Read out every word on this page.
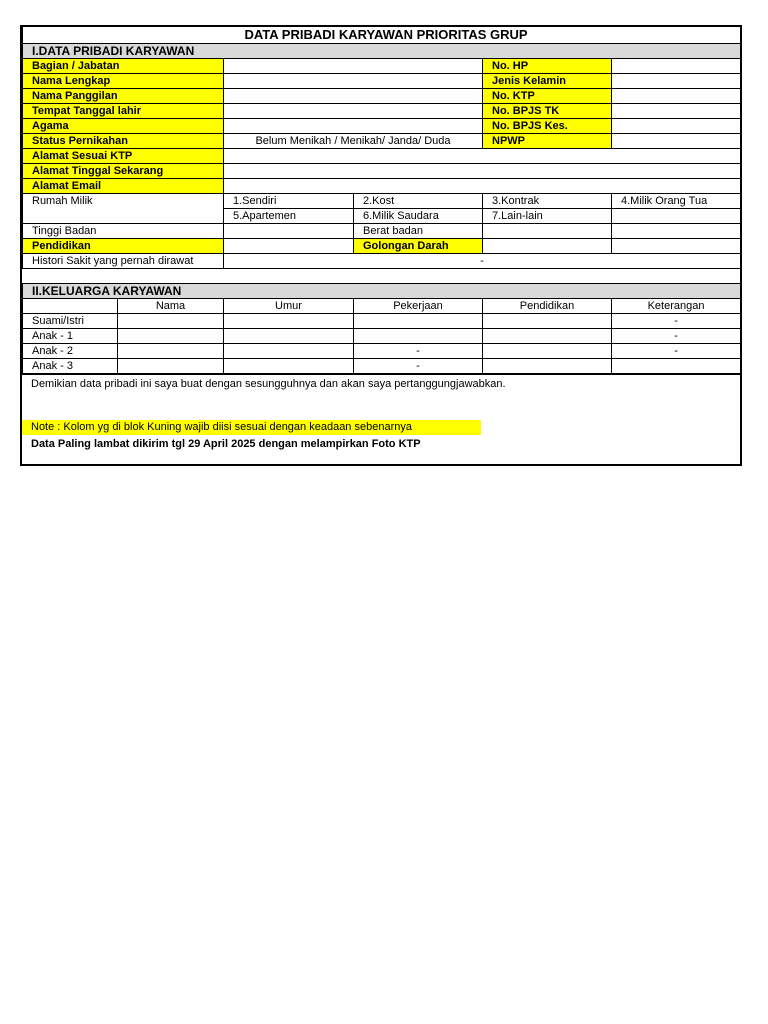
DATA PRIBADI KARYAWAN PRIORITAS GRUP					
I.DATA PRIBADI KARYAWAN					
Bagian / Jabatan				No. HP	
Nama Lengkap				Jenis Kelamin	
Nama Panggilan				No. KTP	
Tempat Tanggal lahir				No. BPJS TK	
Agama				No. BPJS Kes.	
Status Pernikahan		Belum Menikah / Menikah/ Janda/ Duda		NPWP	
Alamat Sesuai KTP					
Alamat Tinggal Sekarang					
Alamat Email					
Rumah Milik		1.Sendiri	2.Kost	3.Kontrak	4.Milik Orang Tua
		5.Apartemen	6.Milik Saudara	7.Lain-lain	
Tinggi Badan			Berat badan		
Pendidikan			Golongan Darah		
Histori Sakit yang pernah dirawat		-			

II.KELUARGA KARYAWAN					
	Nama	Umur	Pekerjaan	Pendidikan	Keterangan
Suami/Istri					-
Anak - 1					-
Anak - 2			-		-
Anak - 3			-		
Demikian data pribadi ini saya buat dengan sesungguhnya dan akan saya pertanggungjawabkan.
Note : Kolom yg di blok Kuning wajib diisi sesuai dengan keadaan sebenarnya
Data Paling lambat dikirim tgl 29 April 2025 dengan melampirkan Foto KTP
